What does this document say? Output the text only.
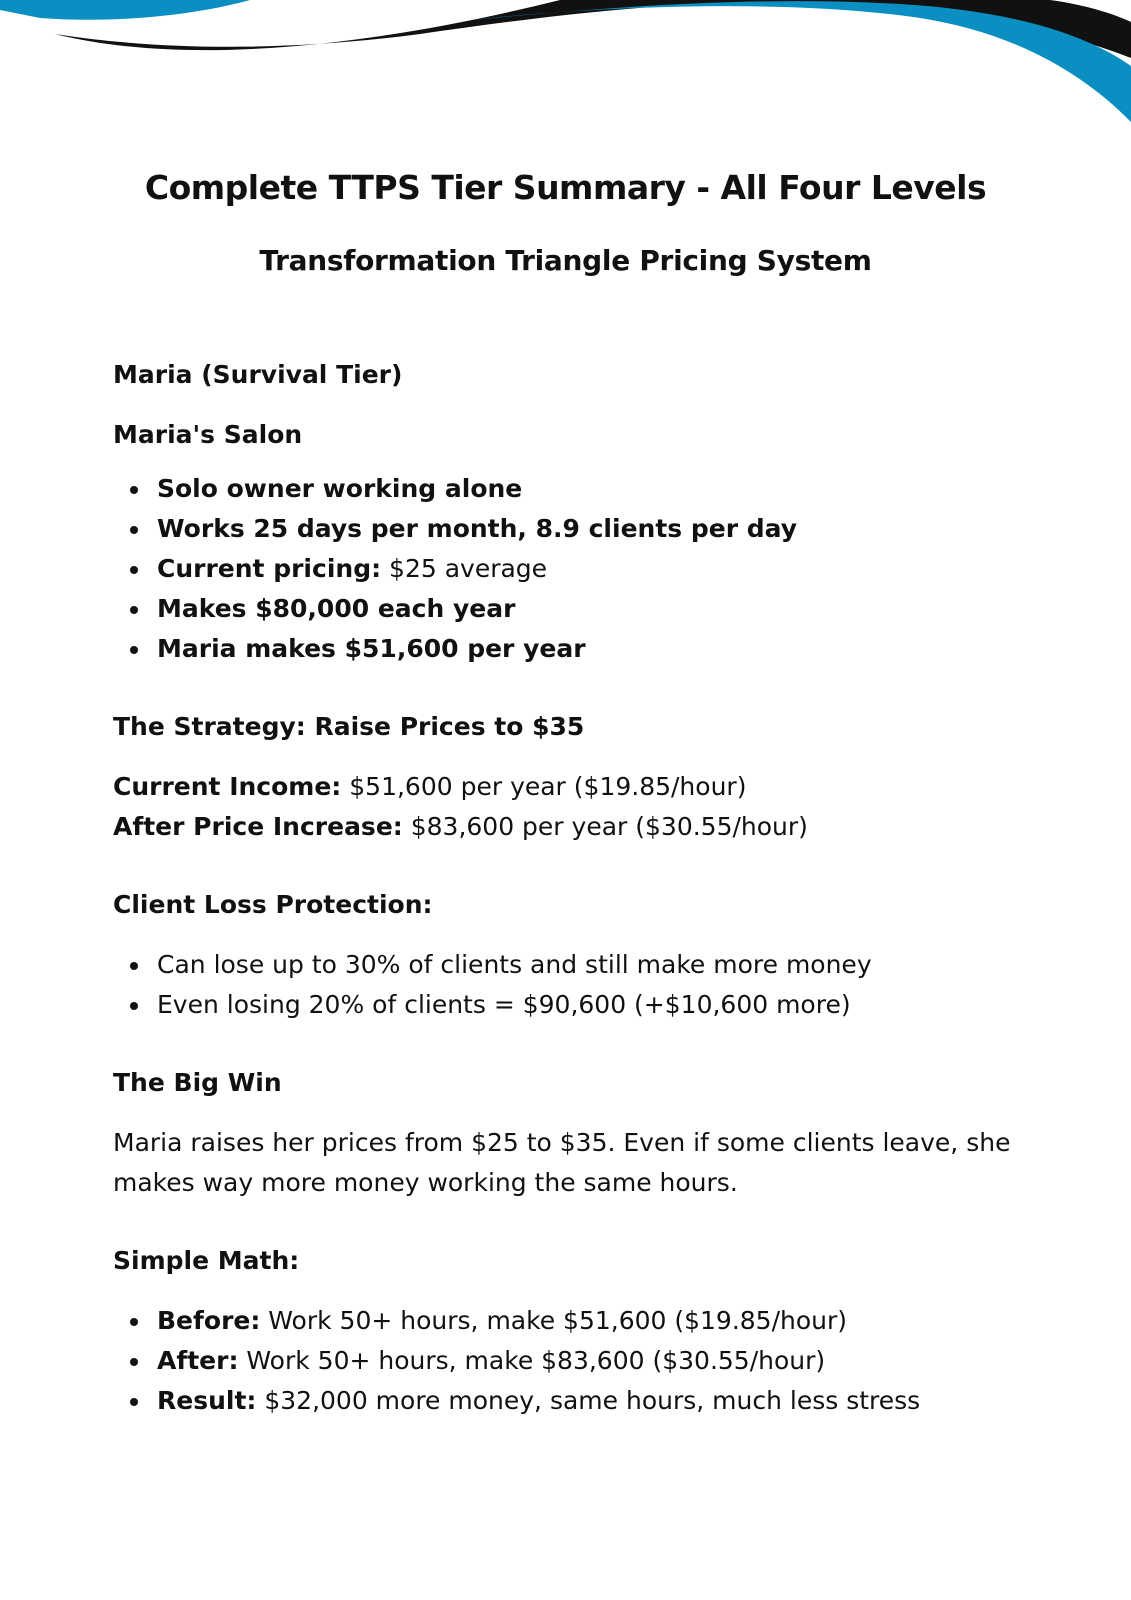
Complete TTPS Tier Summary - All Four Levels
Transformation Triangle Pricing System
Maria (Survival Tier)
Maria's Salon
Solo owner working alone
Works 25 days per month, 8.9 clients per day
Current pricing: $25 average
Makes $80,000 each year
Maria makes $51,600 per year
The Strategy: Raise Prices to $35

Current Income: $51,600 per year ($19.85/hour)

After Price Increase: $83,600 per year ($30.55/hour)

Client Loss Protection:
Can lose up to 30% of clients and still make more money
Even losing 20% of clients = $90,600 (+$10,600 more)
The Big Win

Maria raises her prices from $25 to $35. Even if some clients leave, she makes way more money working the same hours.

Simple Math:
Before: Work 50+ hours, make $51,600 ($19.85/hour)
After: Work 50+ hours, make $83,600 ($30.55/hour)
Result: $32,000 more money, same hours, much less stress
